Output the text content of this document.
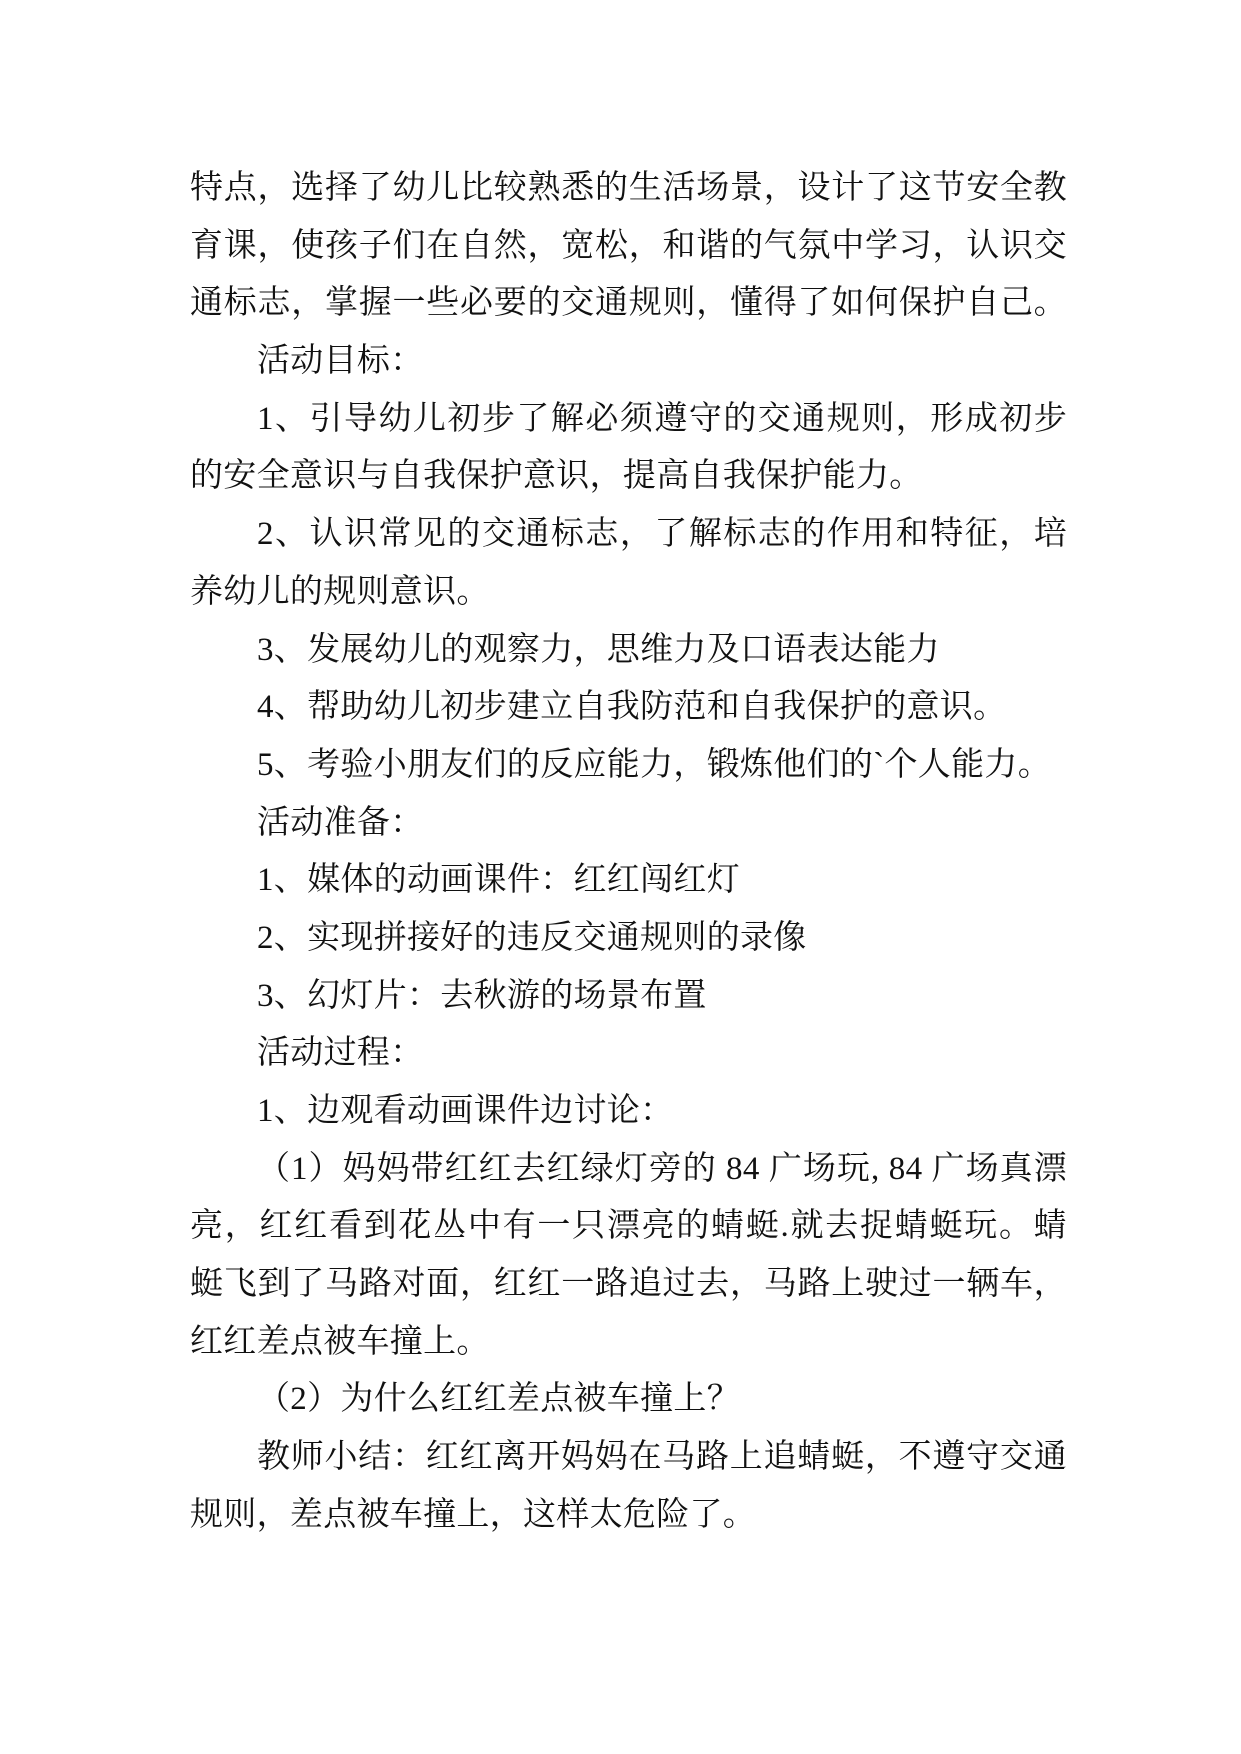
特点，选择了幼儿比较熟悉的生活场景，设计了这节安全教
育课，使孩子们在自然，宽松，和谐的气氛中学习，认识交
通标志，掌握一些必要的交通规则，懂得了如何保护自己。
活动目标：
1、引导幼儿初步了解必须遵守的交通规则，形成初步
的安全意识与自我保护意识，提高自我保护能力。
2、认识常见的交通标志，了解标志的作用和特征，培
养幼儿的规则意识。
3、发展幼儿的观察力，思维力及口语表达能力
4、帮助幼儿初步建立自我防范和自我保护的意识。
5、考验小朋友们的反应能力，锻炼他们的`个人能力。
活动准备：
1、媒体的动画课件：红红闯红灯
2、实现拼接好的违反交通规则的录像
3、幻灯片：去秋游的场景布置
活动过程：
1、边观看动画课件边讨论：
（1）妈妈带红红去红绿灯旁的 84 广场玩, 84 广场真漂
亮，红红看到花丛中有一只漂亮的蜻蜓.就去捉蜻蜓玩。蜻
蜓飞到了马路对面，红红一路追过去，马路上驶过一辆车，
红红差点被车撞上。
（2）为什么红红差点被车撞上？
教师小结：红红离开妈妈在马路上追蜻蜓，不遵守交通
规则，差点被车撞上，这样太危险了。
